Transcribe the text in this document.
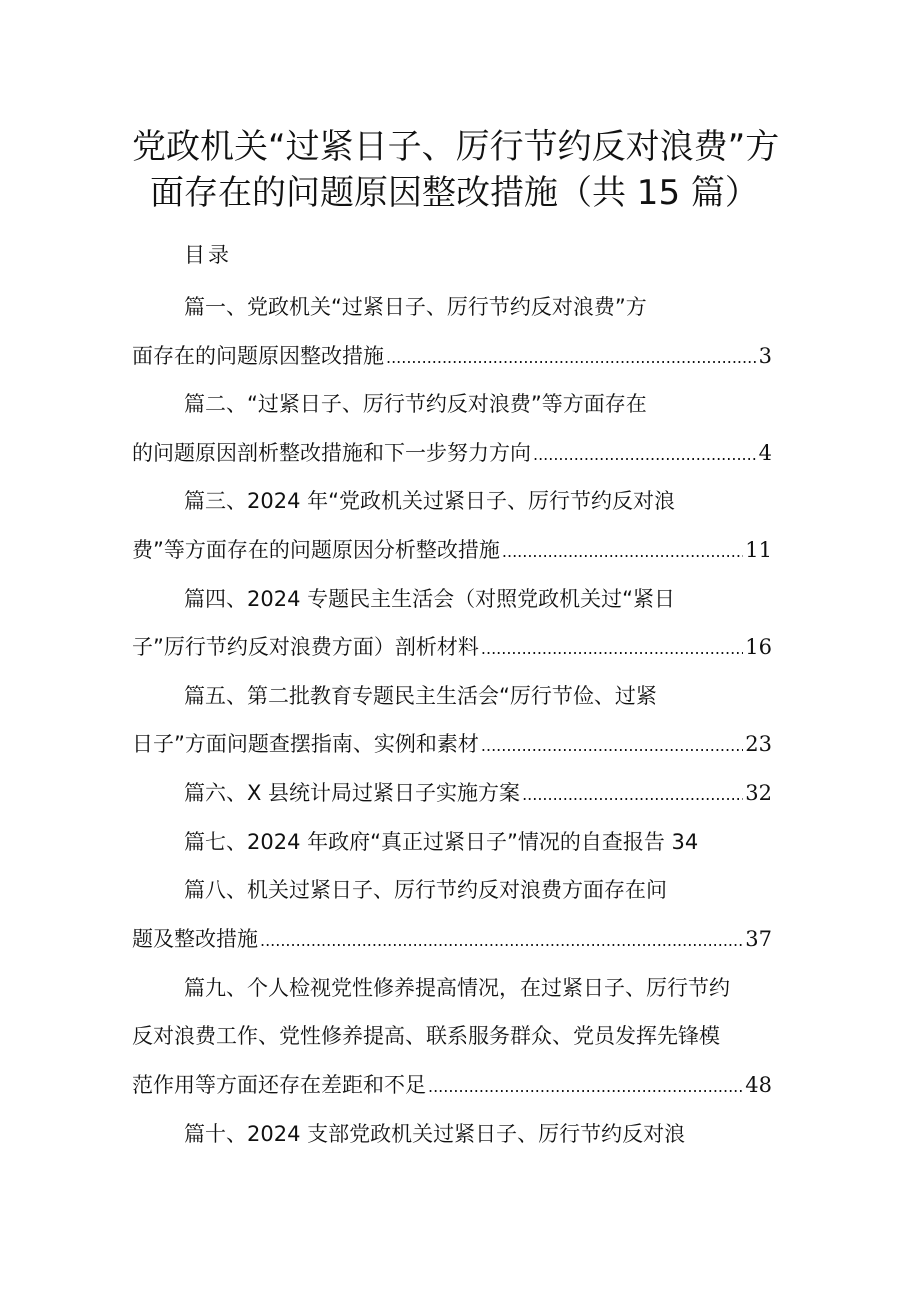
党政机关“过紧日子、厉行节约反对浪费”方
面存在的问题原因整改措施（共 15 篇）
目录
篇一、党政机关“过紧日子、厉行节约反对浪费”方
面存在的问题原因整改措施 .....	3
篇二、“过紧日子、厉行节约反对浪费”等方面存在
的问题原因剖析整改措施和下一步努力方向 .....	4
篇三、2024 年“党政机关过紧日子、厉行节约反对浪
费”等方面存在的问题原因分析整改措施 .....	11
篇四、2024 专题民主生活会（对照党政机关过“紧日
子”厉行节约反对浪费方面）剖析材料 .....	16
篇五、第二批教育专题民主生活会“厉行节俭、过紧
日子”方面问题查摆指南、实例和素材 .....	23
篇六、X 县统计局过紧日子实施方案 .....	32
篇七、2024 年政府“真正过紧日子”情况的自查报告 34
篇八、机关过紧日子、厉行节约反对浪费方面存在问
题及整改措施 .....	37
篇九、个人检视党性修养提高情况，在过紧日子、厉行节约
反对浪费工作、党性修养提高、联系服务群众、党员发挥先锋模
范作用等方面还存在差距和不足 .....	48
篇十、2024 支部党政机关过紧日子、厉行节约反对浪
